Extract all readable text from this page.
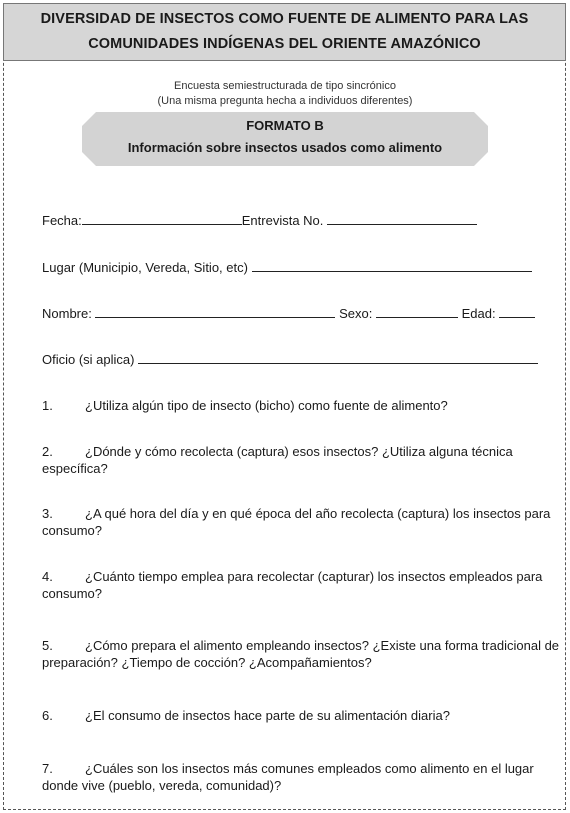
DIVERSIDAD DE INSECTOS COMO FUENTE DE ALIMENTO PARA LAS
COMUNIDADES INDÍGENAS DEL ORIENTE AMAZÓNICO
Encuesta semiestructurada de tipo sincrónico
(Una misma pregunta hecha a individuos diferentes)
FORMATO B
Información sobre insectos usados como alimento
Fecha:	Entrevista No.
Lugar (Municipio, Vereda, Sitio, etc)
Nombre:	Sexo:	Edad:
Oficio (si aplica)
1. ¿Utiliza algún tipo de insecto (bicho) como fuente de alimento?
2. ¿Dónde y cómo recolecta (captura) esos insectos? ¿Utiliza alguna técnica específica?
3. ¿A qué hora del día y en qué época del año recolecta (captura) los insectos para consumo?
4. ¿Cuánto tiempo emplea para recolectar (capturar) los insectos empleados para consumo?
5. ¿Cómo prepara el alimento empleando insectos? ¿Existe una forma tradicional de preparación? ¿Tiempo de cocción? ¿Acompañamientos?
6. ¿El consumo de insectos hace parte de su alimentación diaria?
7. ¿Cuáles son los insectos más comunes empleados como alimento en el lugar donde vive (pueblo, vereda, comunidad)?
